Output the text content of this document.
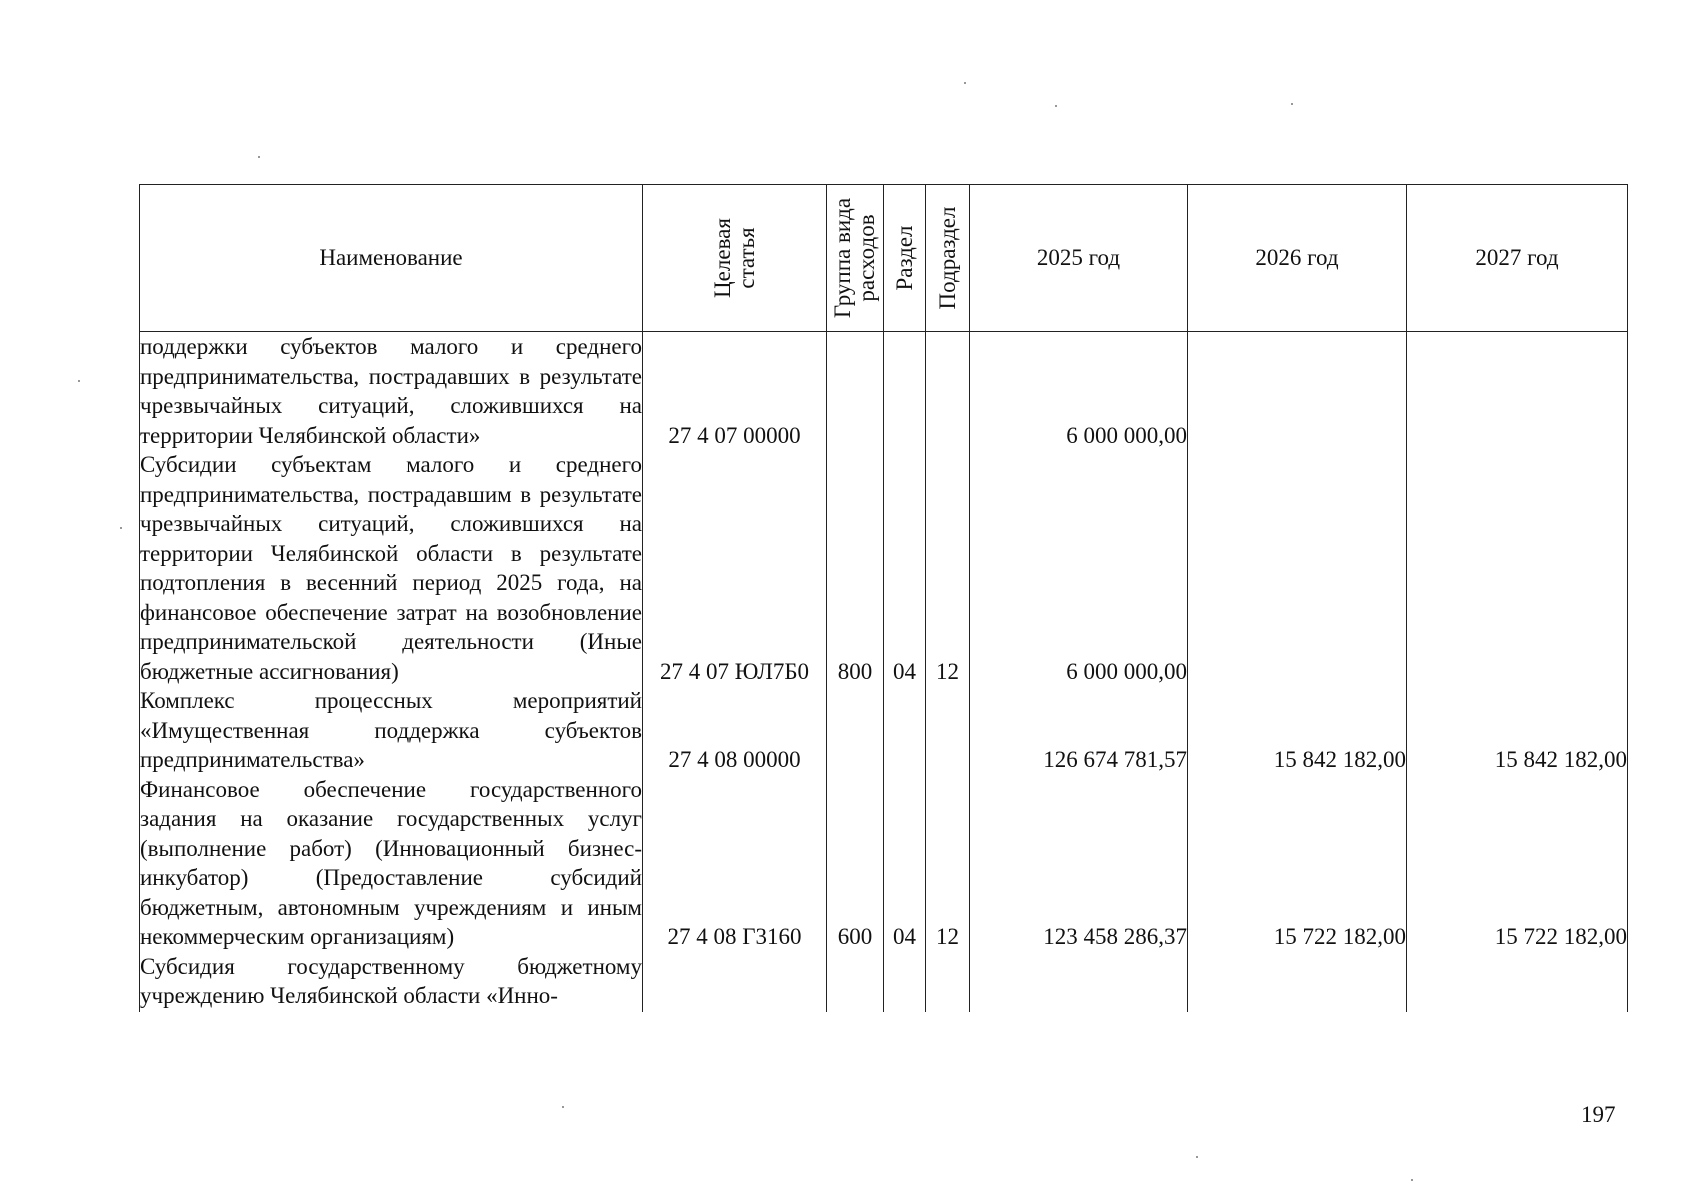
Наименование	Целевая статья	Группа вида расходов	Раздел	Подраздел	2025 год	2026 год	2027 год
поддержки субъектов малого и среднего предпринимательства, пострадавших в результате чрезвычайных ситуаций, сложившихся на территории Челябинской области»	27 4 07 00000				6 000 000,00		
Субсидии субъектам малого и среднего предпринимательства, пострадавшим в результате чрезвычайных ситуаций, сложившихся на территории Челябинской области в результате подтопления в весенний период 2025 года, на финансовое обеспечение затрат на возобновление предпринимательской деятельности (Иные бюджетные ассигнования)	27 4 07 ЮЛ7Б0	800	04	12	6 000 000,00		
Комплекс процессных мероприятий «Имущественная поддержка субъектов предпринимательства»	27 4 08 00000				126 674 781,57	15 842 182,00	15 842 182,00
Финансовое обеспечение государственного задания на оказание государственных услуг (выполнение работ) (Инновационный бизнес-инкубатор) (Предоставление субсидий бюджетным, автономным учреждениям и иным некоммерческим организациям)	27 4 08 Г3160	600	04	12	123 458 286,37	15 722 182,00	15 722 182,00
Субсидия государственному бюджетному учреждению Челябинской области «Инно-							
197
